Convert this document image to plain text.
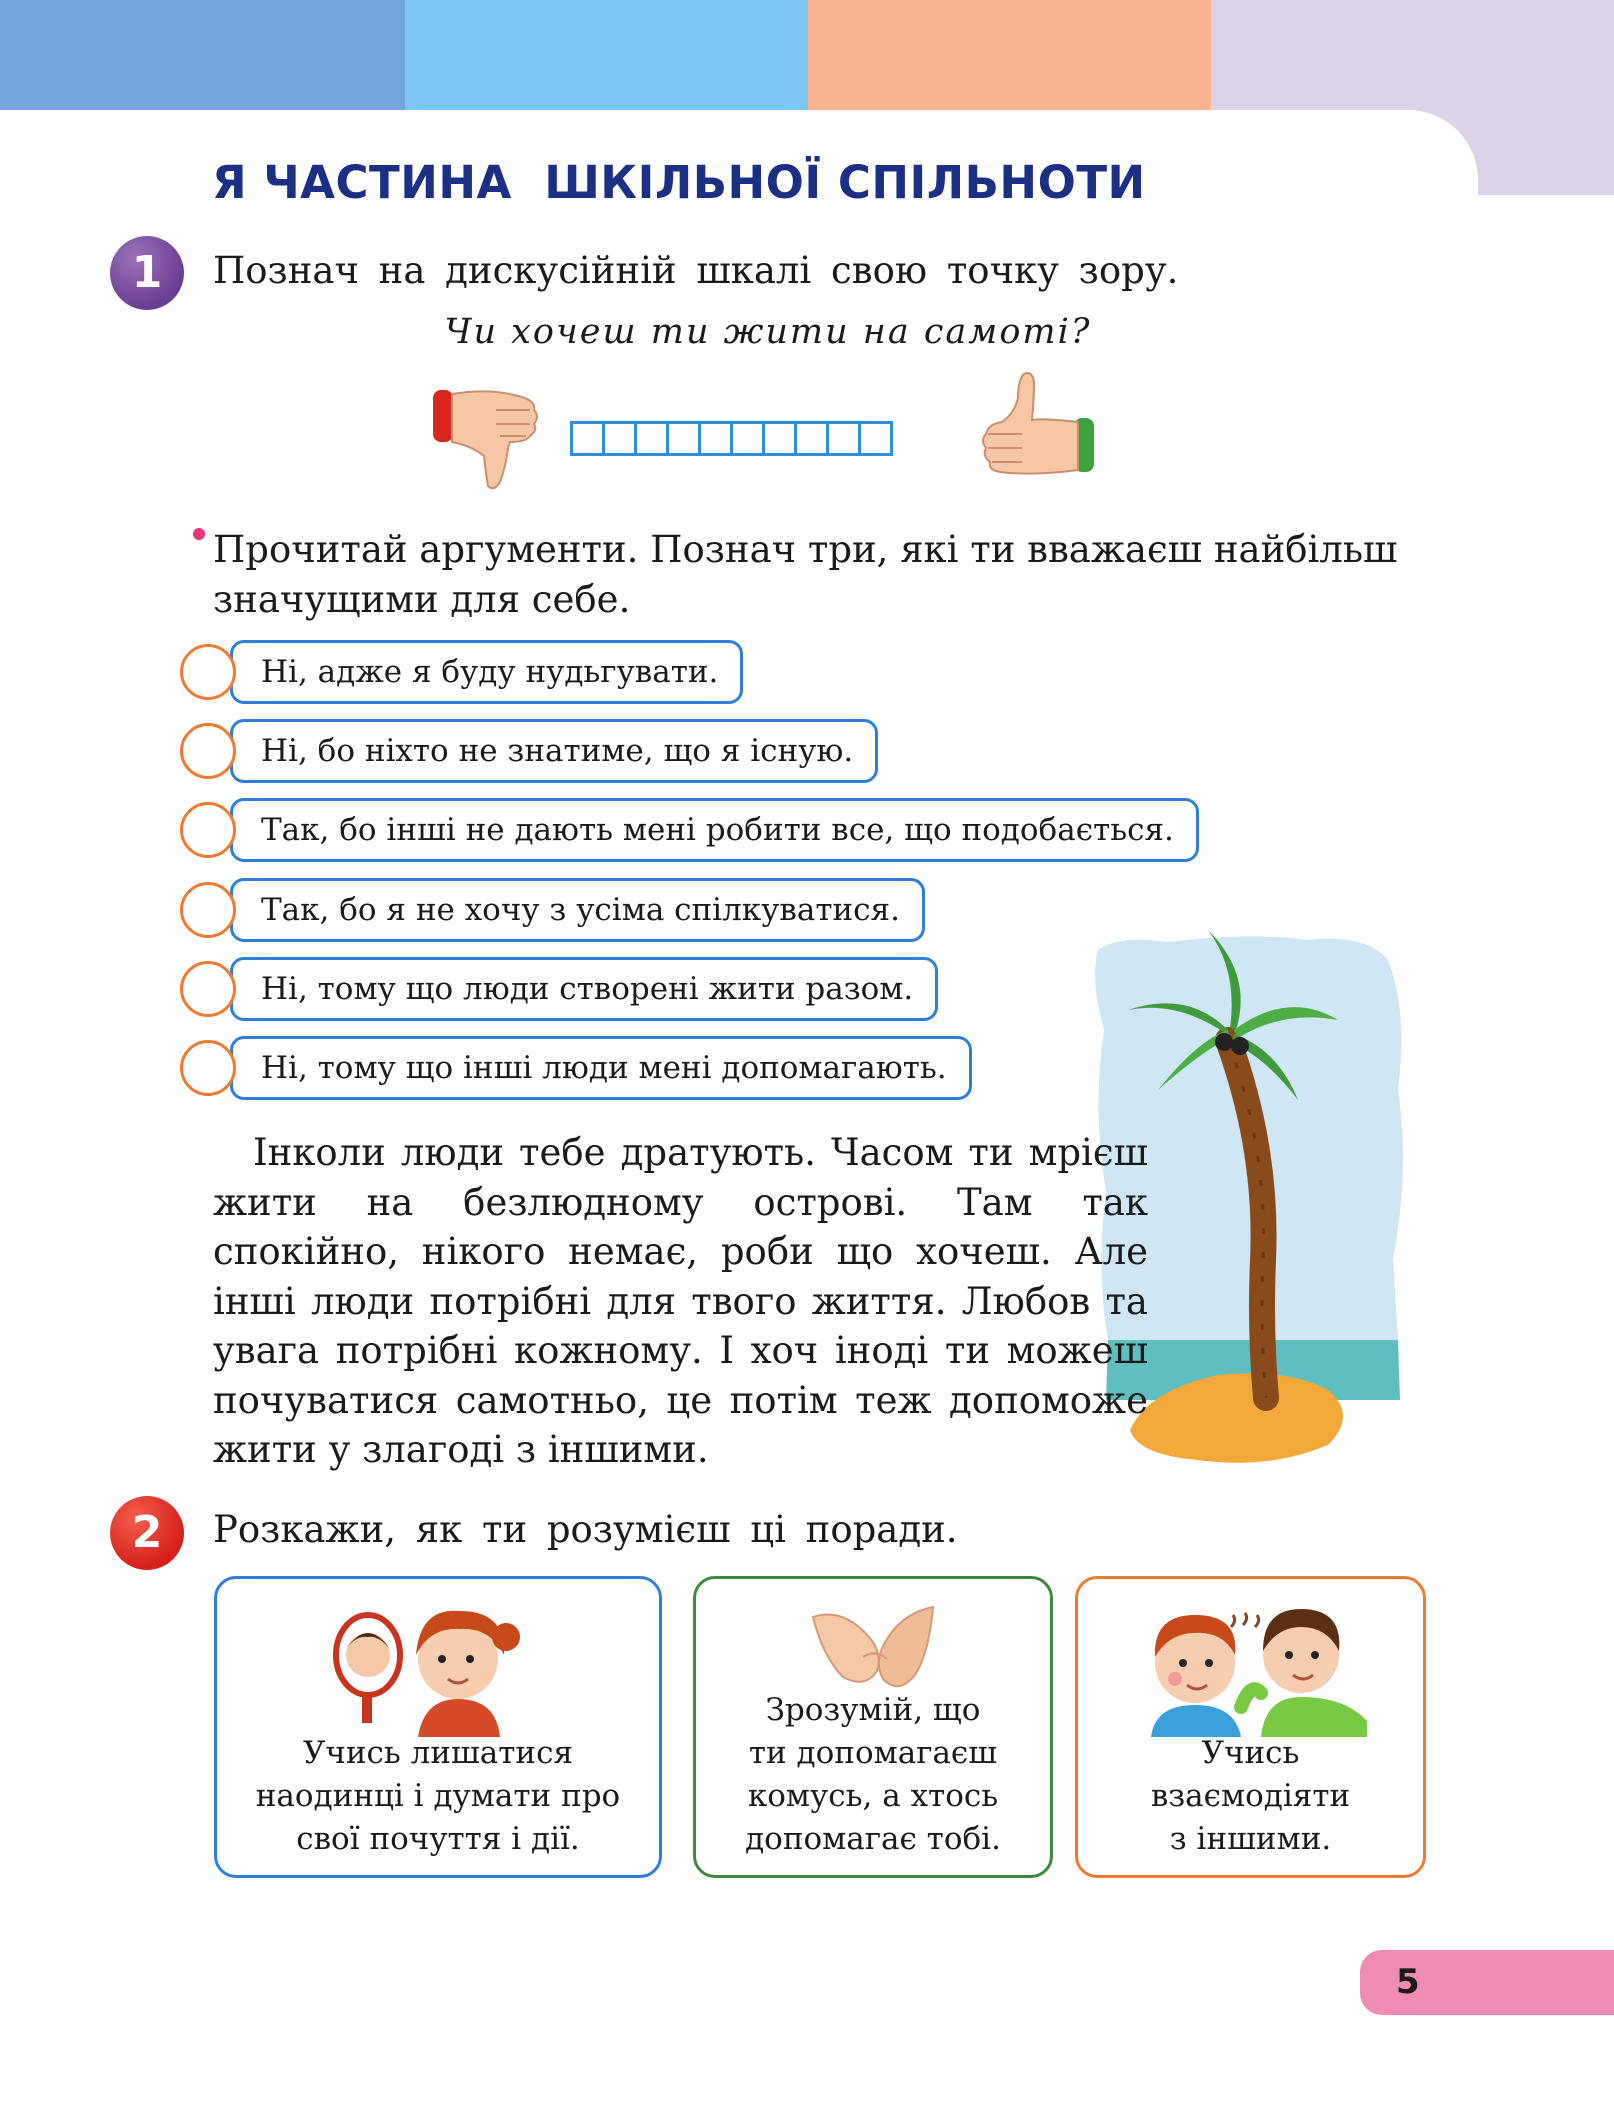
Я ЧАСТИНА  ШКІЛЬНОЇ СПІЛЬНОТИ
1	Познач на дискусійній шкалі свою точку зору.

Чи хочеш ти жити на самоті?

Прочитай аргументи. Познач три, які ти вважаєш найбільш значущими для себе.

Ні, адже я буду нудьгувати.
Ні, бо ніхто не знатиме, що я існую.
Так, бо інші не дають мені робити все, що подобається.
Так, бо я не хочу з усіма спілкуватися.
Ні, тому що люди створені жити разом.
Ні, тому що інші люди мені допомагають.

Інколи люди тебе дратують. Часом ти мрієш жити на безлюдному острові. Там так спокійно, нікого немає, роби що хочеш. Але інші люди потрібні для твого життя. Любов та увага потрібні кожному. І хоч іноді ти можеш почуватися самотньо, це потім теж допоможе жити у злагоді з іншими.

2	Розкажи, як ти розумієш ці поради.

Учись лишатися
наодинці і думати про
свої почуття і дії.

Зрозумій, що
ти допомагаєш
комусь, а хтось
допомагає тобі.

Учись
взаємодіяти
з іншими.

5
